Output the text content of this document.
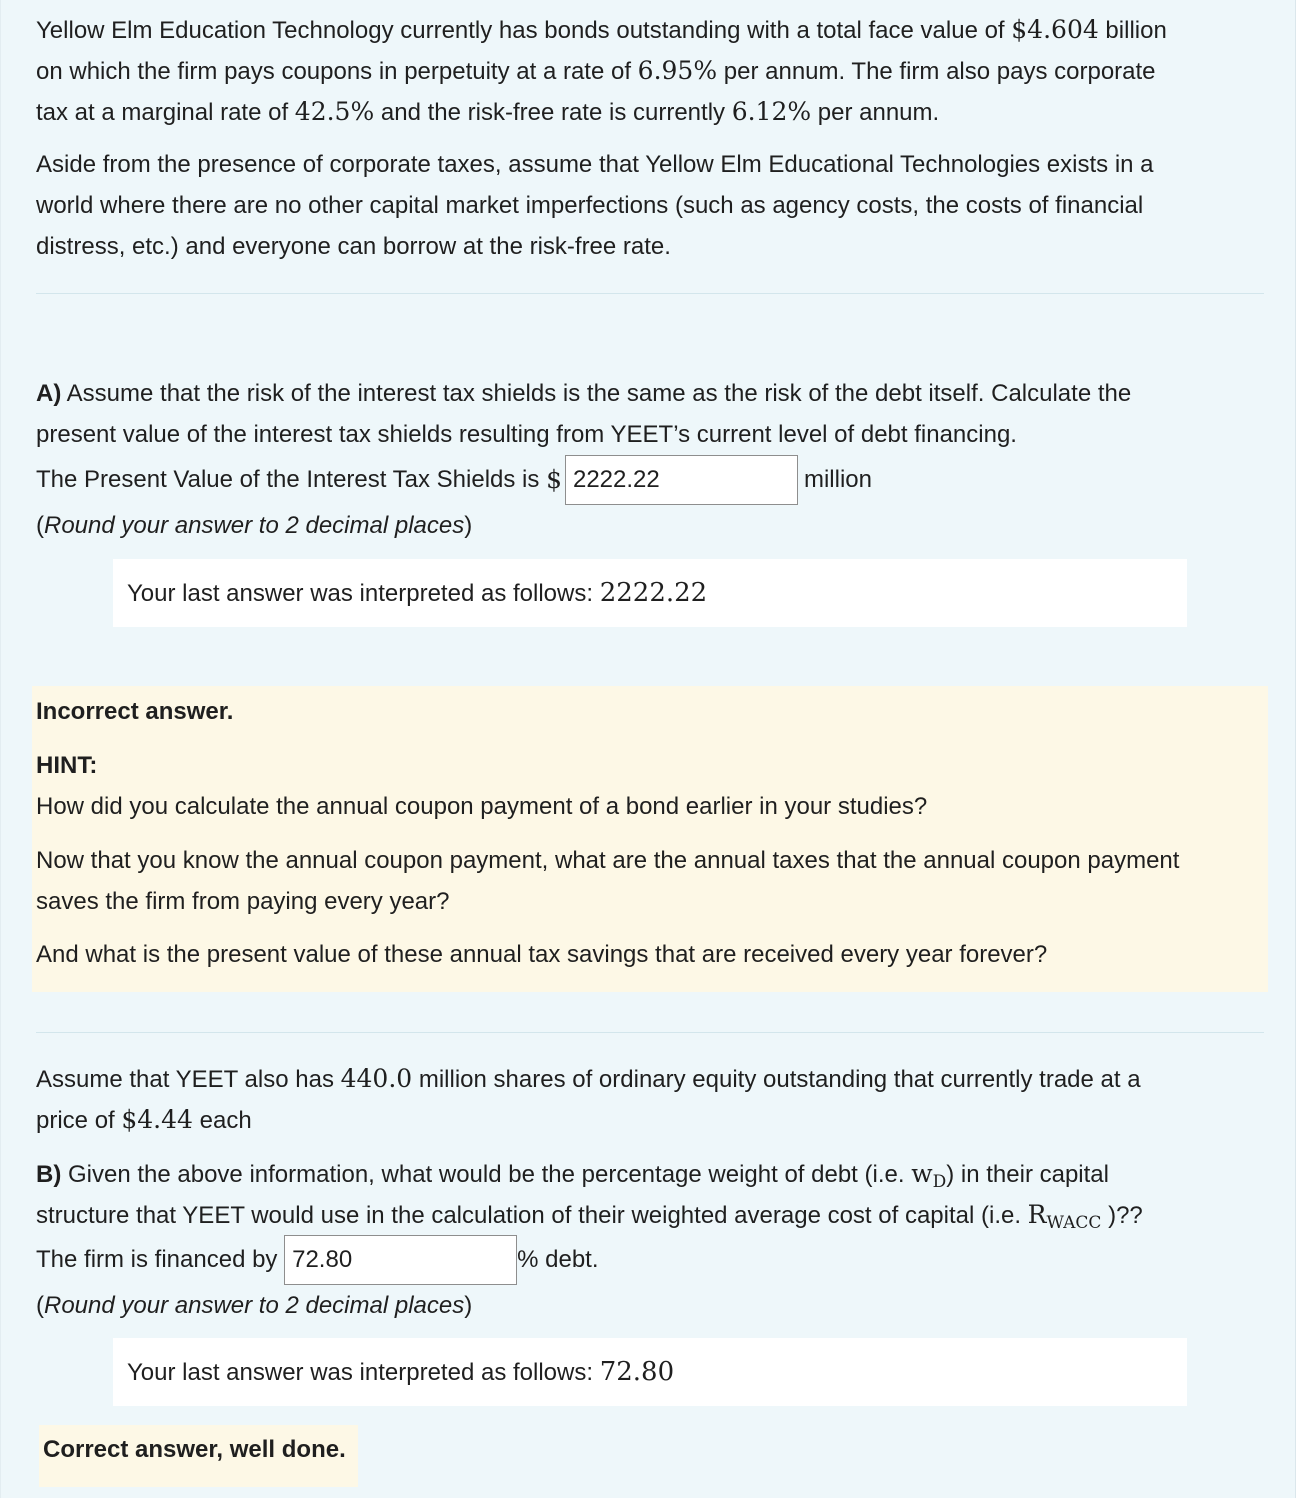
Yellow Elm Education Technology currently has bonds outstanding with a total face value of $4.604 billion

on which the firm pays coupons in perpetuity at a rate of 6.95% per annum. The firm also pays corporate

tax at a marginal rate of 42.5% and the risk-free rate is currently 6.12% per annum.

Aside from the presence of corporate taxes, assume that Yellow Elm Educational Technologies exists in a

world where there are no other capital market imperfections (such as agency costs, the costs of financial

distress, etc.) and everyone can borrow at the risk-free rate.

A) Assume that the risk of the interest tax shields is the same as the risk of the debt itself. Calculate the

present value of the interest tax shields resulting from YEET’s current level of debt financing.

The Present Value of the Interest Tax Shields is $2222.22	million

(Round your answer to 2 decimal places)

Your last answer was interpreted as follows: 2222.22

Incorrect answer.

HINT:

How did you calculate the annual coupon payment of a bond earlier in your studies?

Now that you know the annual coupon payment, what are the annual taxes that the annual coupon payment

saves the firm from paying every year?

And what is the present value of these annual tax savings that are received every year forever?

Assume that YEET also has 440.0 million shares of ordinary equity outstanding that currently trade at a

price of $4.44 each

B) Given the above information, what would be the percentage weight of debt (i.e. $w_D$) in their capital

structure that YEET would use in the calculation of their weighted average cost of capital (i.e. $R_{WACC}$ )??

The firm is financed by 72.80	% debt.

(Round your answer to 2 decimal places)

Your last answer was interpreted as follows: 72.80
Correct answer, well done.
